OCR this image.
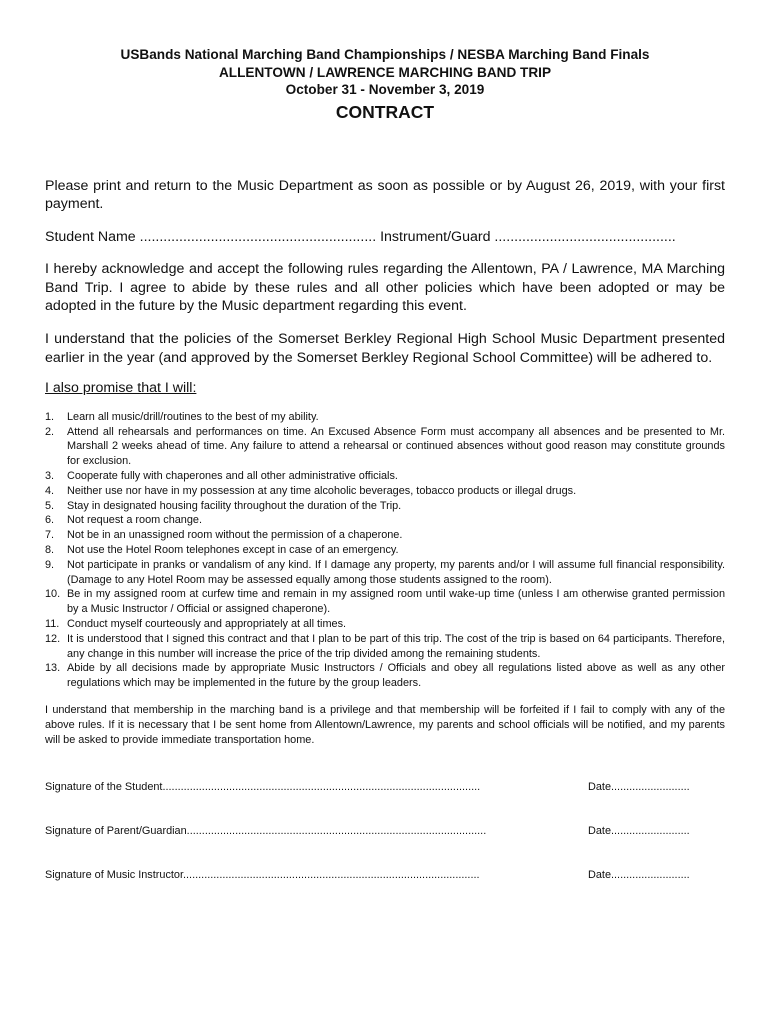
USBands National Marching Band Championships / NESBA Marching Band Finals
ALLENTOWN / LAWRENCE MARCHING BAND TRIP
October 31 - November 3, 2019
CONTRACT

Please print and return to the Music Department as soon as possible or by August 26, 2019, with your first payment.

Student Name ............................................................ Instrument/Guard ..............................................

I hereby acknowledge and accept the following rules regarding the Allentown, PA / Lawrence, MA Marching Band Trip. I agree to abide by these rules and all other policies which have been adopted or may be adopted in the future by the Music department regarding this event.

I understand that the policies of the Somerset Berkley Regional High School Music Department presented earlier in the year (and approved by the Somerset Berkley Regional School Committee) will be adhered to.

I also promise that I will:
1.	Learn all music/drill/routines to the best of my ability.
2.	Attend all rehearsals and performances on time. An Excused Absence Form must accompany all absences and be presented to Mr. Marshall 2 weeks ahead of time. Any failure to attend a rehearsal or continued absences without good reason may constitute grounds for exclusion.
3.	Cooperate fully with chaperones and all other administrative officials.
4.	Neither use nor have in my possession at any time alcoholic beverages, tobacco products or illegal drugs.
5.	Stay in designated housing facility throughout the duration of the Trip.
6.	Not request a room change.
7.	Not be in an unassigned room without the permission of a chaperone.
8.	Not use the Hotel Room telephones except in case of an emergency.
9.	Not participate in pranks or vandalism of any kind. If I damage any property, my parents and/or I will assume full financial responsibility. (Damage to any Hotel Room may be assessed equally among those students assigned to the room).
10. Be in my assigned room at curfew time and remain in my assigned room until wake-up time (unless I am otherwise granted permission by a Music Instructor / Official or assigned chaperone).
11. Conduct myself courteously and appropriately at all times.
12. It is understood that I signed this contract and that I plan to be part of this trip. The cost of the trip is based on 64 participants. Therefore, any change in this number will increase the price of the trip divided among the remaining students.
13. Abide by all decisions made by appropriate Music Instructors / Officials and obey all regulations listed above as well as any other regulations which may be implemented in the future by the group leaders.

I understand that membership in the marching band is a privilege and that membership will be forfeited if I fail to comply with any of the above rules. If it is necessary that I be sent home from Allentown/Lawrence, my parents and school officials will be notified, and my parents will be asked to provide immediate transportation home.

Signature of the Student.........................................................................................................	Date..........................
Signature of Parent/Guardian...................................................................................................	Date..........................
Signature of Music Instructor..................................................................................................	Date..........................
